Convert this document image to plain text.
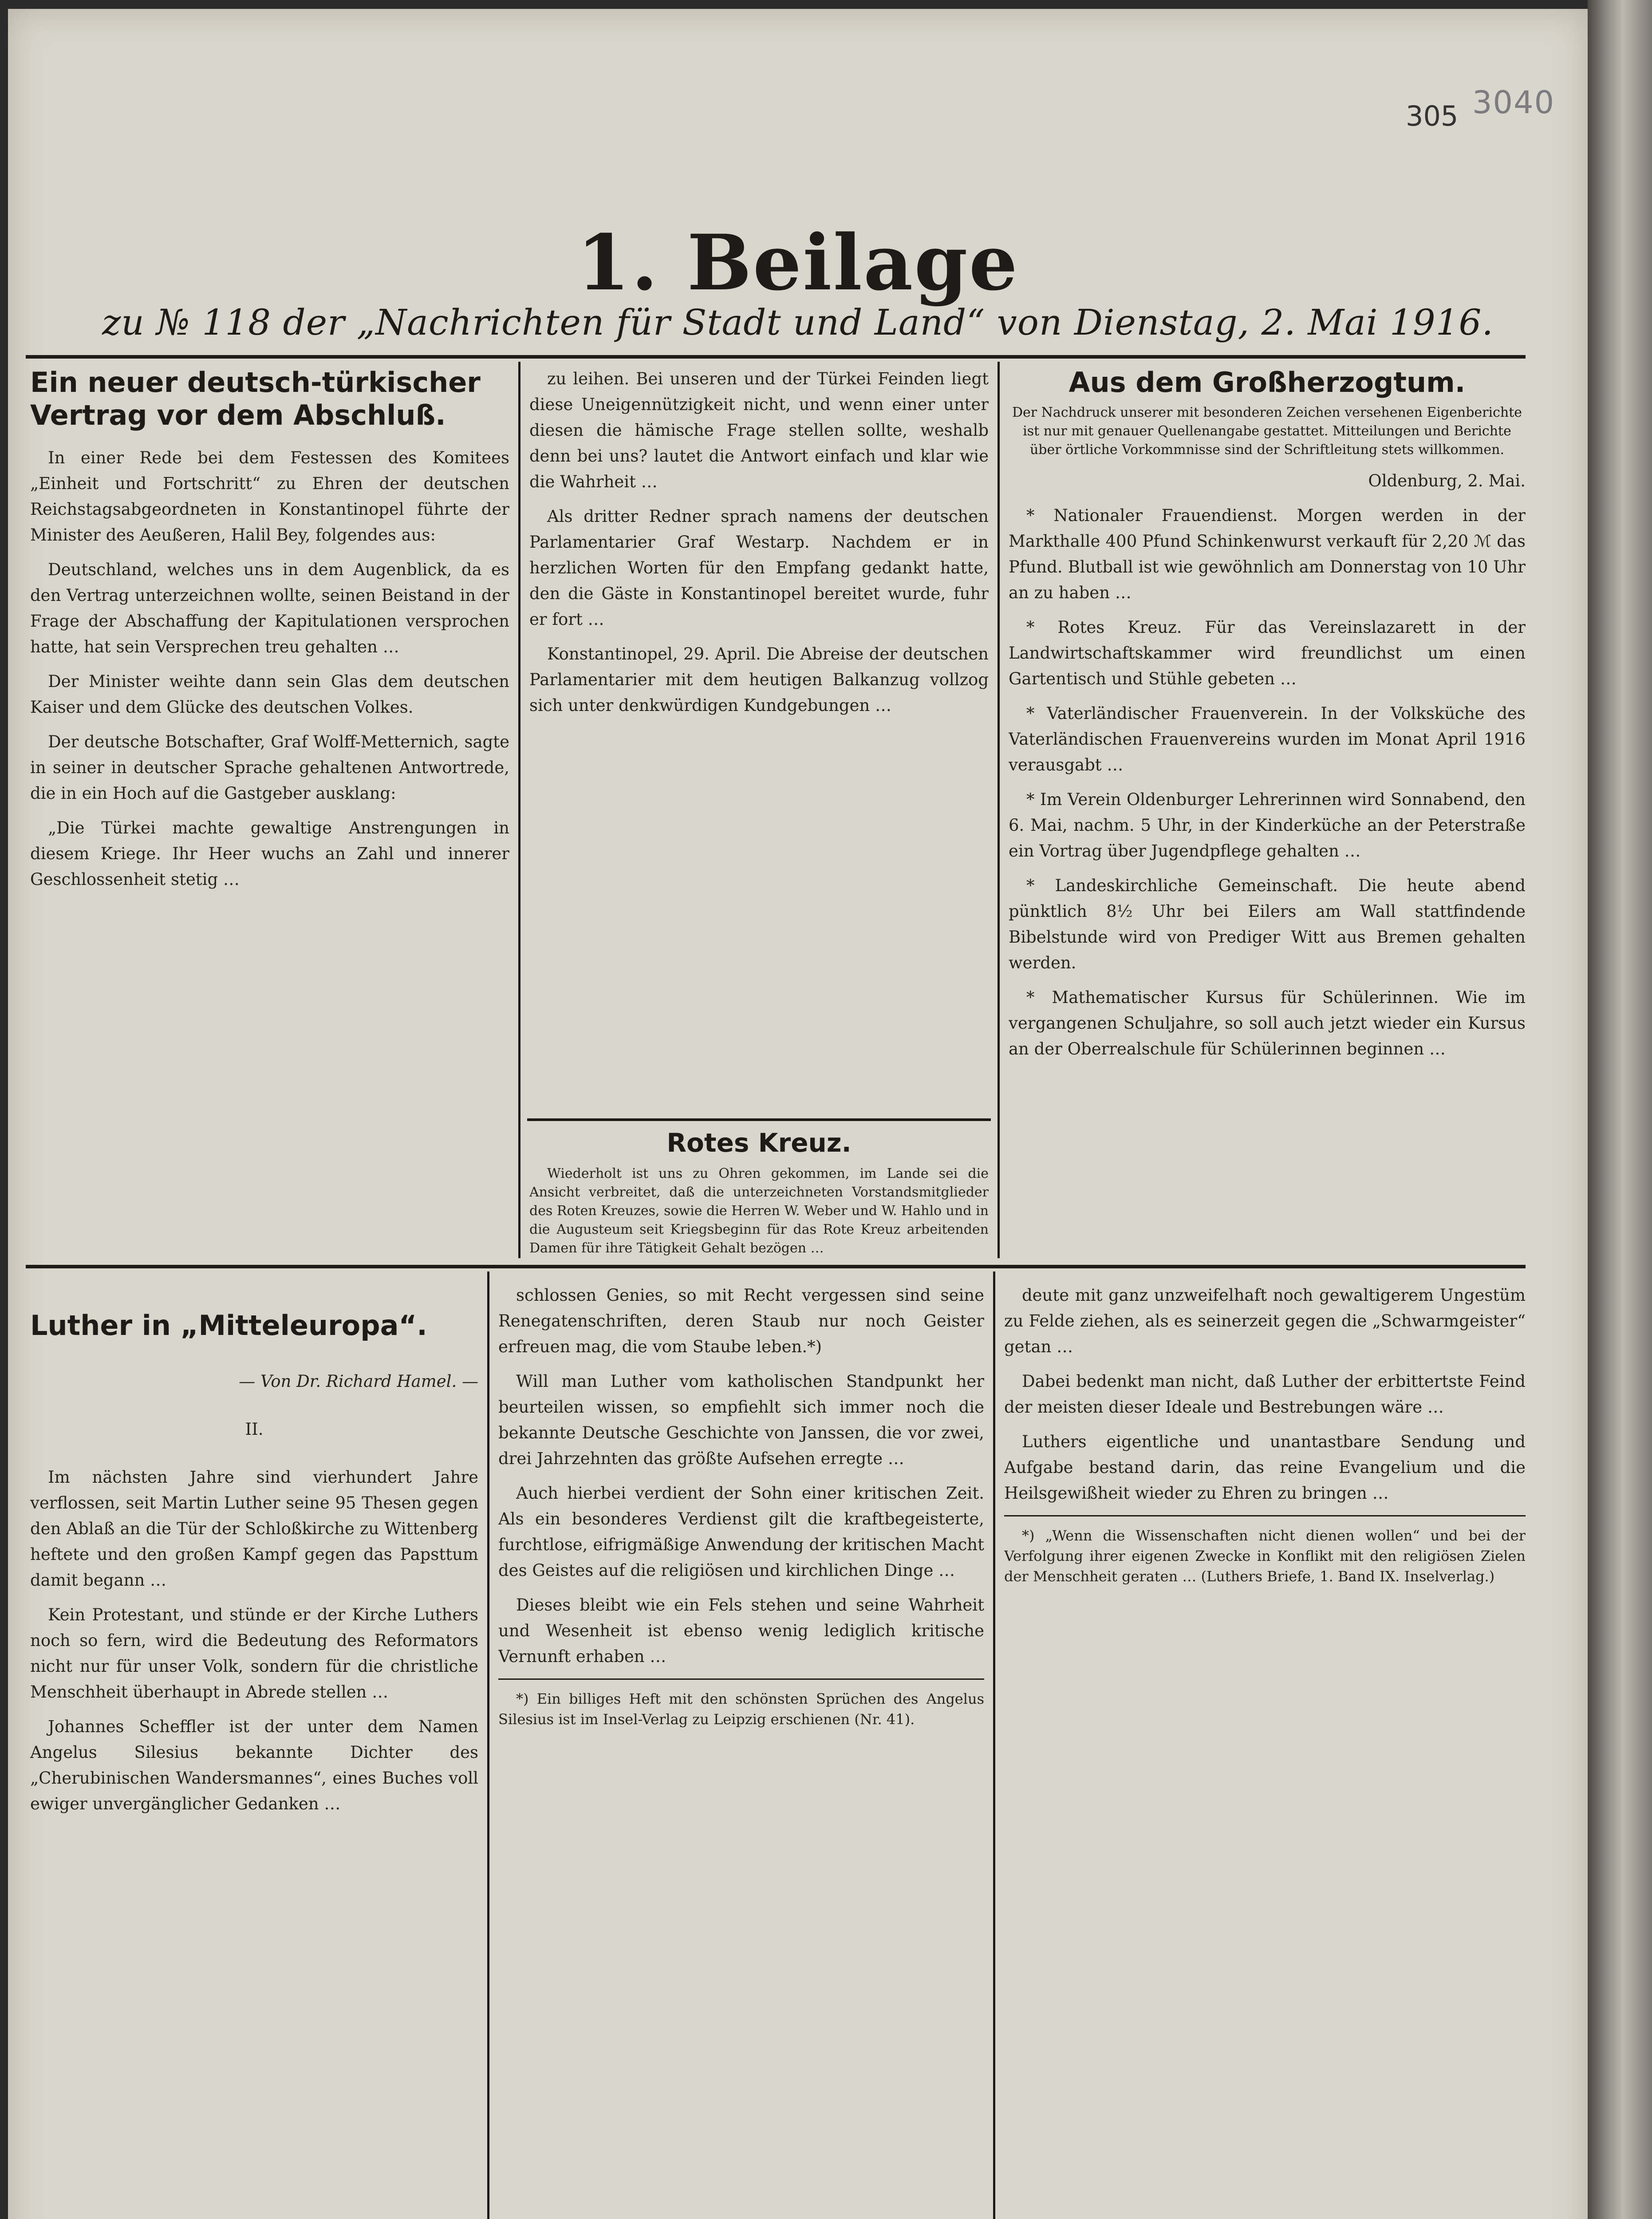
305 3040
1. Beilage
zu № 118 der „Nachrichten für Stadt und Land“ von Dienstag, 2. Mai 1916.
Ein neuer deutsch-türkischer Vertrag vor dem Abschluß.

In einer Rede bei dem Festessen des Komitees „Einheit und Fortschritt“ zu Ehren der deutschen Reichstagsabgeordneten in Konstantinopel führte der Minister des Aeußeren, Halil Bey, folgendes aus:

Deutschland, welches uns in dem Augenblick, da es den Vertrag unterzeichnen wollte, seinen Beistand in der Frage der Abschaffung der Kapitulationen versprochen hatte, hat sein Versprechen treu gehalten …

Der Minister weihte dann sein Glas dem deutschen Kaiser und dem Glücke des deutschen Volkes.

Der deutsche Botschafter, Graf Wolff-Metternich, sagte in seiner in deutscher Sprache gehaltenen Antwortrede, die in ein Hoch auf die Gastgeber ausklang:

„Die Türkei machte gewaltige Anstrengungen in diesem Kriege. Ihr Heer wuchs an Zahl und innerer Geschlossenheit stetig …

zu leihen. Bei unseren und der Türkei Feinden liegt diese Uneigennützigkeit nicht, und wenn einer unter diesen die hämische Frage stellen sollte, weshalb denn bei uns? lautet die Antwort einfach und klar wie die Wahrheit …

Als dritter Redner sprach namens der deutschen Parlamentarier Graf Westarp. Nachdem er in herzlichen Worten für den Empfang gedankt hatte, den die Gäste in Konstantinopel bereitet wurde, fuhr er fort …

Konstantinopel, 29. April. Die Abreise der deutschen Parlamentarier mit dem heutigen Balkanzug vollzog sich unter denkwürdigen Kundgebungen …

Rotes Kreuz.

Wiederholt ist uns zu Ohren gekommen, im Lande sei die Ansicht verbreitet, daß die unterzeichneten Vorstandsmitglieder des Roten Kreuzes, sowie die Herren W. Weber und W. Hahlo und in die Augusteum seit Kriegsbeginn für das Rote Kreuz arbeitenden Damen für ihre Tätigkeit Gehalt bezögen …

Aus dem Großherzogtum.

Der Nachdruck unserer mit besonderen Zeichen versehenen Eigenberichte ist nur mit genauer Quellenangabe gestattet. Mitteilungen und Berichte über örtliche Vorkommnisse sind der Schriftleitung stets willkommen.

Oldenburg, 2. Mai.

* Nationaler Frauendienst. Morgen werden in der Markthalle 400 Pfund Schinkenwurst verkauft für 2,20 ℳ das Pfund. Blutball ist wie gewöhnlich am Donnerstag von 10 Uhr an zu haben …

* Rotes Kreuz. Für das Vereinslazarett in der Landwirtschaftskammer wird freundlichst um einen Gartentisch und Stühle gebeten …

* Vaterländischer Frauenverein. In der Volksküche des Vaterländischen Frauenvereins wurden im Monat April 1916 verausgabt …

* Im Verein Oldenburger Lehrerinnen wird Sonnabend, den 6. Mai, nachm. 5 Uhr, in der Kinderküche an der Peterstraße ein Vortrag über Jugendpflege gehalten …

* Landeskirchliche Gemeinschaft. Die heute abend pünktlich 8½ Uhr bei Eilers am Wall stattfindende Bibelstunde wird von Prediger Witt aus Bremen gehalten werden.

* Mathematischer Kursus für Schülerinnen. Wie im vergangenen Schuljahre, so soll auch jetzt wieder ein Kursus an der Oberrealschule für Schülerinnen beginnen …

Luther in „Mitteleuropa“.

— Von Dr. Richard Hamel. —

II.

Im nächsten Jahre sind vierhundert Jahre verflossen, seit Martin Luther seine 95 Thesen gegen den Ablaß an die Tür der Schloßkirche zu Wittenberg heftete und den großen Kampf gegen das Papsttum damit begann …

Kein Protestant, und stünde er der Kirche Luthers noch so fern, wird die Bedeutung des Reformators nicht nur für unser Volk, sondern für die christliche Menschheit überhaupt in Abrede stellen …

Johannes Scheffler ist der unter dem Namen Angelus Silesius bekannte Dichter des „Cherubinischen Wandersmannes“, eines Buches voll ewiger unvergänglicher Gedanken …

schlossen Genies, so mit Recht vergessen sind seine Renegatenschriften, deren Staub nur noch Geister erfreuen mag, die vom Staube leben.*)

Will man Luther vom katholischen Standpunkt her beurteilen wissen, so empfiehlt sich immer noch die bekannte Deutsche Geschichte von Janssen, die vor zwei, drei Jahrzehnten das größte Aufsehen erregte …

Auch hierbei verdient der Sohn einer kritischen Zeit. Als ein besonderes Verdienst gilt die kraftbegeisterte, furchtlose, eifrigmäßige Anwendung der kritischen Macht des Geistes auf die religiösen und kirchlichen Dinge …

Dieses bleibt wie ein Fels stehen und seine Wahrheit und Wesenheit ist ebenso wenig lediglich kritische Vernunft erhaben …

*) Ein billiges Heft mit den schönsten Sprüchen des Angelus Silesius ist im Insel-Verlag zu Leipzig erschienen (Nr. 41).

deute mit ganz unzweifelhaft noch gewaltigerem Ungestüm zu Felde ziehen, als es seinerzeit gegen die „Schwarmgeister“ getan …

Dabei bedenkt man nicht, daß Luther der erbittertste Feind der meisten dieser Ideale und Bestrebungen wäre …

Luthers eigentliche und unantastbare Sendung und Aufgabe bestand darin, das reine Evangelium und die Heilsgewißheit wieder zu Ehren zu bringen …

*) „Wenn die Wissenschaften nicht dienen wollen“ und bei der Verfolgung ihrer eigenen Zwecke in Konflikt mit den religiösen Zielen der Menschheit geraten … (Luthers Briefe, 1. Band IX. Inselverlag.)
